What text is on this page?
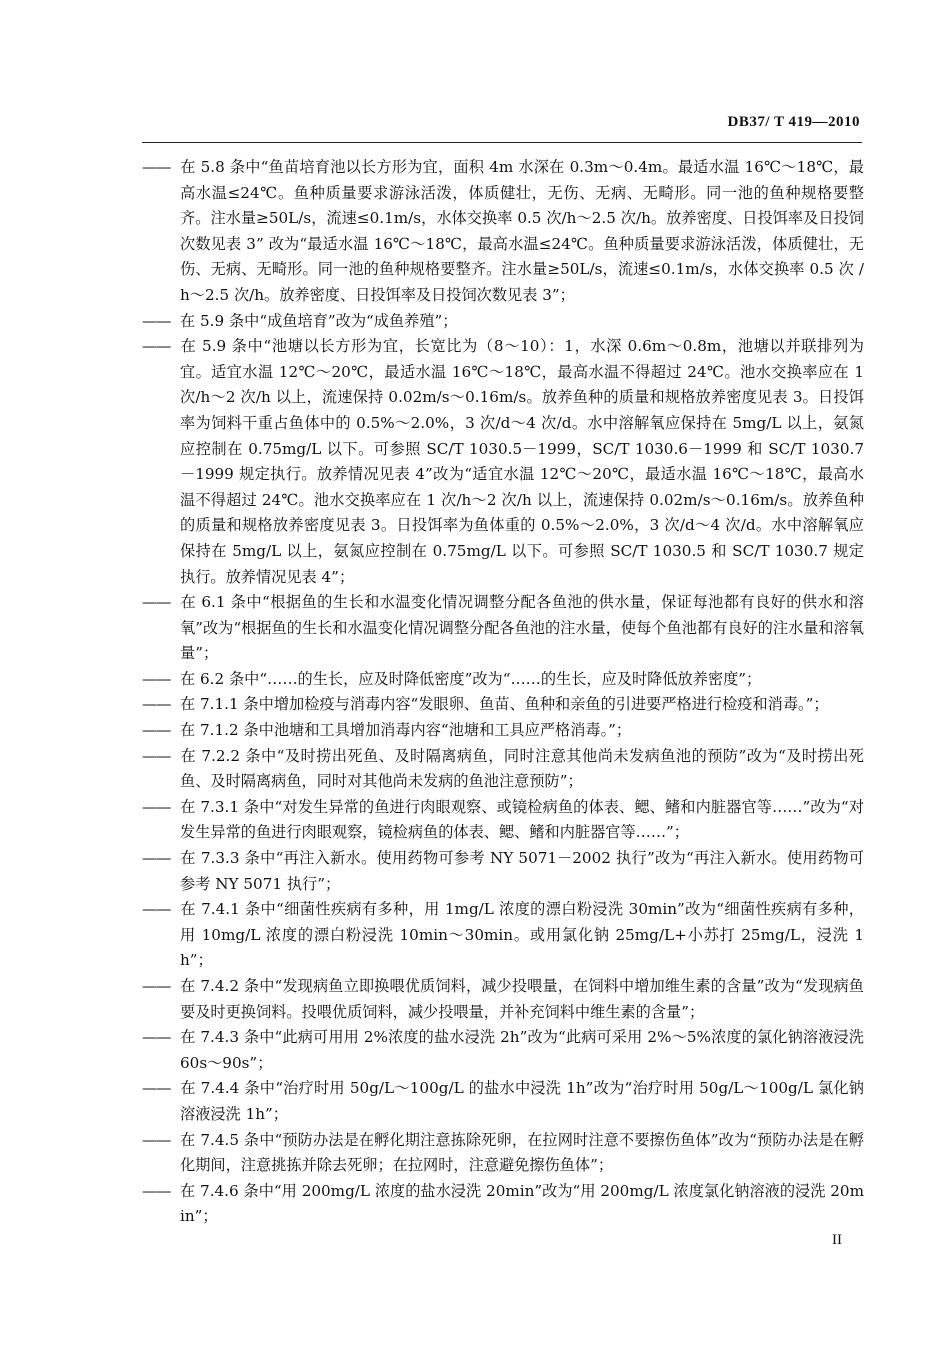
DB37/ T 419—2010

—— 在 5.8 条中“鱼苗培育池以长方形为宜，面积 4m 水深在 0.3m～0.4m。最适水温 16℃～18℃，最高水温≤24℃。鱼种质量要求游泳活泼，体质健壮，无伤、无病、无畸形。同一池的鱼种规格要整齐。注水量≥50L/s，流速≤0.1m/s，水体交换率 0.5 次/h～2.5 次/h。放养密度、日投饵率及日投饲次数见表 3” 改为“最适水温 16℃～18℃，最高水温≤24℃。鱼种质量要求游泳活泼，体质健壮，无伤、无病、无畸形。同一池的鱼种规格要整齐。注水量≥50L/s，流速≤0.1m/s，水体交换率 0.5 次 / h～2.5 次/h。放养密度、日投饵率及日投饲次数见表 3”；

—— 在 5.9 条中“成鱼培育”改为“成鱼养殖”；

—— 在 5.9 条中“池塘以长方形为宜，长宽比为（8～10）：1，水深 0.6m～0.8m，池塘以并联排列为宜。适宜水温 12℃～20℃，最适水温 16℃～18℃，最高水温不得超过 24℃。池水交换率应在 1 次/h～2 次/h 以上，流速保持 0.02m/s～0.16m/s。放养鱼种的质量和规格放养密度见表 3。日投饵率为饲料干重占鱼体中的 0.5%～2.0%，3 次/d～4 次/d。水中溶解氧应保持在 5mg/L 以上，氨氮应控制在 0.75mg/L 以下。可参照 SC/T 1030.5－1999，SC/T 1030.6－1999 和 SC/T 1030.7－1999 规定执行。放养情况见表 4”改为“适宜水温 12℃～20℃，最适水温 16℃～18℃，最高水温不得超过 24℃。池水交换率应在 1 次/h～2 次/h 以上，流速保持 0.02m/s～0.16m/s。放养鱼种的质量和规格放养密度见表 3。日投饵率为鱼体重的 0.5%～2.0%，3 次/d～4 次/d。水中溶解氧应保持在 5mg/L 以上，氨氮应控制在 0.75mg/L 以下。可参照 SC/T 1030.5 和 SC/T 1030.7 规定执行。放养情况见表 4”；

—— 在 6.1 条中“根据鱼的生长和水温变化情况调整分配各鱼池的供水量，保证每池都有良好的供水和溶氧”改为“根据鱼的生长和水温变化情况调整分配各鱼池的注水量，使每个鱼池都有良好的注水量和溶氧量”；

—— 在 6.2 条中“……的生长，应及时降低密度”改为“……的生长，应及时降低放养密度”；

—— 在 7.1.1 条中增加检疫与消毒内容“发眼卵、鱼苗、鱼种和亲鱼的引进要严格进行检疫和消毒。”；

—— 在 7.1.2 条中池塘和工具增加消毒内容“池塘和工具应严格消毒。”；

—— 在 7.2.2 条中“及时捞出死鱼、及时隔离病鱼，同时注意其他尚未发病鱼池的预防”改为“及时捞出死鱼、及时隔离病鱼，同时对其他尚未发病的鱼池注意预防”；

—— 在 7.3.1 条中“对发生异常的鱼进行肉眼观察、或镜检病鱼的体表、鳃、鳍和内脏器官等……”改为“对发生异常的鱼进行肉眼观察，镜检病鱼的体表、鳃、鳍和内脏器官等……”；

—— 在 7.3.3 条中“再注入新水。使用药物可参考 NY 5071－2002 执行”改为“再注入新水。使用药物可参考 NY 5071 执行”；

—— 在 7.4.1 条中“细菌性疾病有多种，用 1mg/L 浓度的漂白粉浸洗 30min”改为“细菌性疾病有多种，用 10mg/L 浓度的漂白粉浸洗 10min～30min。或用氯化钠 25mg/L+小苏打 25mg/L，浸洗 1h”；

—— 在 7.4.2 条中“发现病鱼立即换喂优质饲料，减少投喂量，在饲料中增加维生素的含量”改为“发现病鱼要及时更换饲料。投喂优质饲料，减少投喂量，并补充饲料中维生素的含量”；

—— 在 7.4.3 条中“此病可用用 2%浓度的盐水浸洗 2h”改为“此病可采用 2%～5%浓度的氯化钠溶液浸洗 60s～90s”；

—— 在 7.4.4 条中“治疗时用 50g/L～100g/L 的盐水中浸洗 1h”改为“治疗时用 50g/L～100g/L 氯化钠溶液浸洗 1h”；

—— 在 7.4.5 条中“预防办法是在孵化期注意拣除死卵，在拉网时注意不要擦伤鱼体”改为“预防办法是在孵化期间，注意挑拣并除去死卵；在拉网时，注意避免擦伤鱼体”；

—— 在 7.4.6 条中“用 200mg/L 浓度的盐水浸洗 20min”改为“用 200mg/L 浓度氯化钠溶液的浸洗 20min”；

II
